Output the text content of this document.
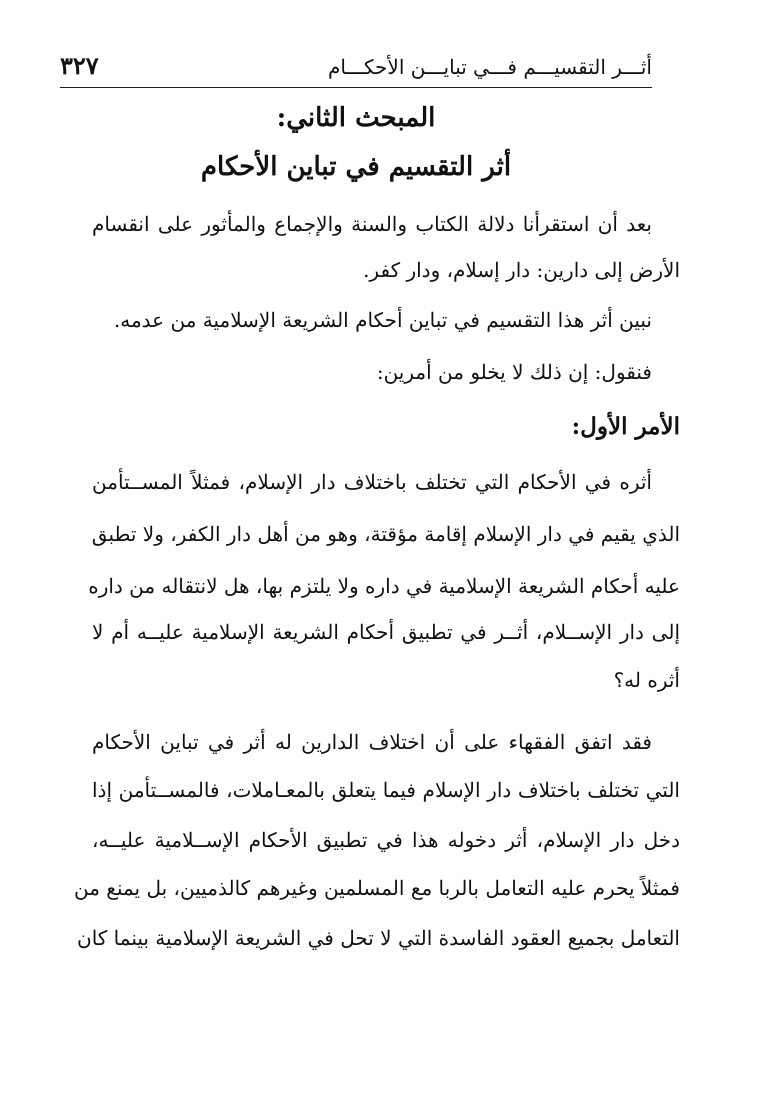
أثـــر التقسيـــم فـــي تبايـــن الأحكـــام
٣٢٧
المبحث الثاني:
أثر التقسيم في تباين الأحكام
بعد أن استقرأنا دلالة الكتاب والسنة والإجماع والمأثور على انقسام
الأرض إلى دارين: دار إسلام، ودار كفر.
نبين أثر هذا التقسيم في تباين أحكام الشريعة الإسلامية من عدمه.
فنقول: إن ذلك لا يخلو من أمرين:
الأمر الأول:
أثره في الأحكام التي تختلف باختلاف دار الإسلام، فمثلاً المســتأمن
الذي يقيم في دار الإسلام إقامة مؤقتة، وهو من أهل دار الكفر، ولا تطبق
عليه أحكام الشريعة الإسلامية في داره ولا يلتزم بها، هل لانتقاله من داره
إلى دار الإســلام، أثــر في تطبيق أحكام الشريعة الإسلامية عليــه أم لا
أثره له؟
فقد اتفق الفقهاء على أن اختلاف الدارين له أثر في تباين الأحكام
التي تختلف باختلاف دار الإسلام فيما يتعلق بالمعـاملات، فالمســتأمن إذا
دخل دار الإسلام، أثر دخوله هذا في تطبيق الأحكام الإســلامية عليــه،
فمثلاً يحرم عليه التعامل بالربا مع المسلمين وغيرهم كالذميين، بل يمنع من
التعامل بجميع العقود الفاسدة التي لا تحل في الشريعة الإسلامية بينما كان
